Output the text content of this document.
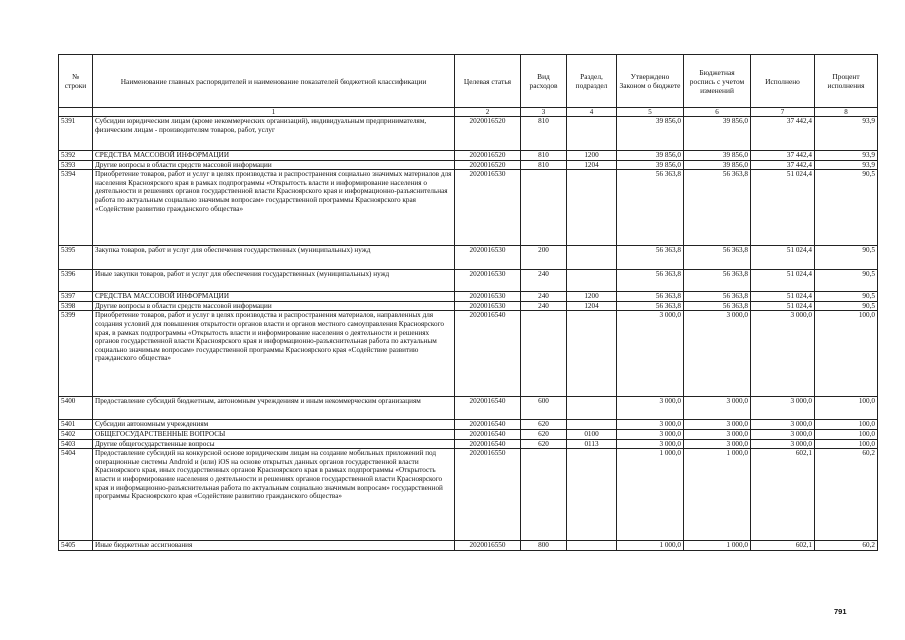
№ строки	Наименование главных распорядителей и наименование показателей бюджетной классификации	Целевая статья	Вид расходов	Раздел, подраздел	Утверждено Законом о бюджете	Бюджетная роспись с учетом изменений	Исполнено	Процент исполнения
	1	2	3	4	5	6	7	8
5391	Субсидии юридическим лицам (кроме некоммерческих организаций), индивидуальным предпринимателям, физическим лицам - производителям товаров, работ, услуг	2020016520	810		39 856,0	39 856,0	37 442,4	93,9
5392	СРЕДСТВА МАССОВОЙ ИНФОРМАЦИИ	2020016520	810	1200	39 856,0	39 856,0	37 442,4	93,9
5393	Другие вопросы в области средств массовой информации	2020016520	810	1204	39 856,0	39 856,0	37 442,4	93,9
5394	Приобретение товаров, работ и услуг в целях производства и распространения социально значимых материалов для населения Красноярского края в рамках подпрограммы «Открытость власти и информирование населения о деятельности и решениях органов государственной власти Красноярского края и информационно-разъяснительная работа по актуальным социально значимым вопросам» государственной программы Красноярского края «Содействие развитию гражданского общества»	2020016530			56 363,8	56 363,8	51 024,4	90,5
5395	Закупка товаров, работ и услуг для обеспечения государственных (муниципальных) нужд	2020016530	200		56 363,8	56 363,8	51 024,4	90,5
5396	Иные закупки товаров, работ и услуг для обеспечения государственных (муниципальных) нужд	2020016530	240		56 363,8	56 363,8	51 024,4	90,5
5397	СРЕДСТВА МАССОВОЙ ИНФОРМАЦИИ	2020016530	240	1200	56 363,8	56 363,8	51 024,4	90,5
5398	Другие вопросы в области средств массовой информации	2020016530	240	1204	56 363,8	56 363,8	51 024,4	90,5
5399	Приобретение товаров, работ и услуг в целях производства и распространения материалов, направленных для создания условий для повышения открытости органов власти и органов местного самоуправления Красноярского края, в рамках подпрограммы «Открытость власти и информирование населения о деятельности и решениях органов государственной власти Красноярского края и информационно-разъяснительная работа по актуальным социально значимым вопросам» государственной программы Красноярского края «Содействие развитию гражданского общества»	2020016540			3 000,0	3 000,0	3 000,0	100,0
5400	Предоставление субсидий бюджетным, автономным учреждениям и иным некоммерческим организациям	2020016540	600		3 000,0	3 000,0	3 000,0	100,0
5401	Субсидии автономным учреждениям	2020016540	620		3 000,0	3 000,0	3 000,0	100,0
5402	ОБЩЕГОСУДАРСТВЕННЫЕ ВОПРОСЫ	2020016540	620	0100	3 000,0	3 000,0	3 000,0	100,0
5403	Другие общегосударственные вопросы	2020016540	620	0113	3 000,0	3 000,0	3 000,0	100,0
5404	Предоставление субсидий на конкурсной основе юридическим лицам на создание мобильных приложений под операционные системы Android и (или) iOS на основе открытых данных органов государственной власти Красноярского края, иных государственных органов Красноярского края в рамках подпрограммы «Открытость власти и информирование населения о деятельности и решениях органов государственной власти Красноярского края и информационно-разъяснительная работа по актуальным социально значимым вопросам» государственной программы Красноярского края «Содействие развитию гражданского общества»	2020016550			1 000,0	1 000,0	602,1	60,2
5405	Иные бюджетные ассигнования	2020016550	800		1 000,0	1 000,0	602,1	60,2
791
